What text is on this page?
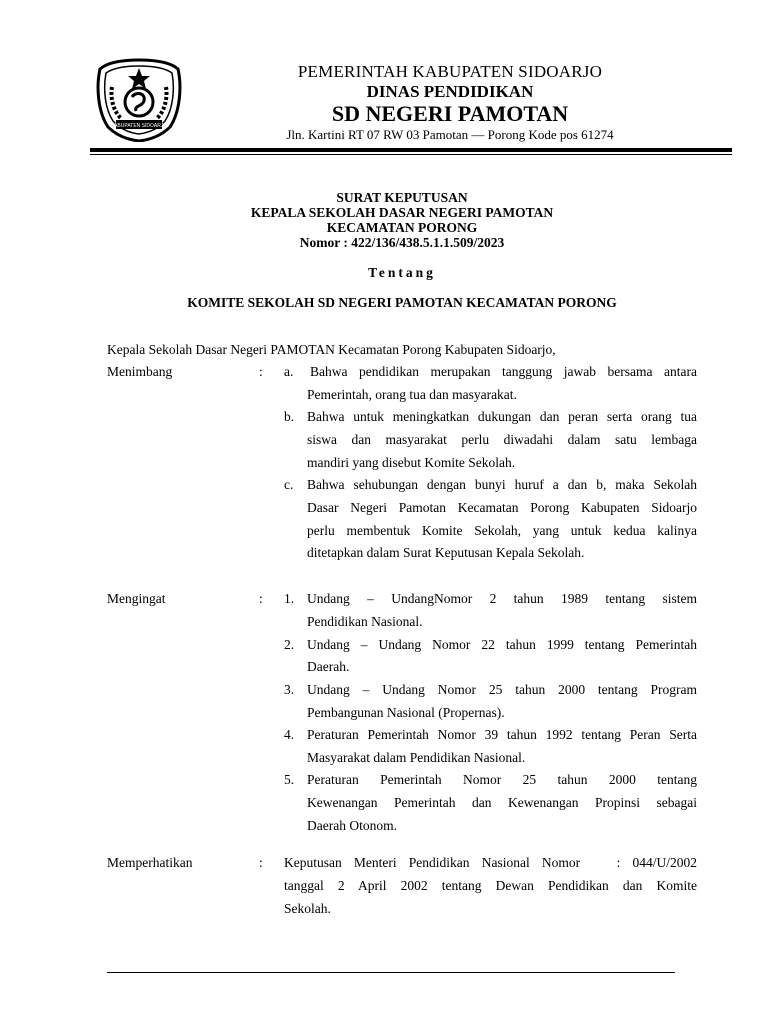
KABUPATEN SIDOARJO
PEMERINTAH KABUPATEN SIDOARJO
DINAS PENDIDIKAN
SD NEGERI PAMOTAN
Jln. Kartini RT 07 RW 03 Pamotan — Porong Kode pos 61274
SURAT KEPUTUSAN
KEPALA SEKOLAH DASAR NEGERI PAMOTAN
KECAMATAN PORONG
Nomor : 422/136/438.5.1.1.509/2023
Tentang
KOMITE SEKOLAH SD NEGERI PAMOTAN KECAMATAN PORONG
Kepala Sekolah Dasar Negeri PAMOTAN Kecamatan Porong Kabupaten Sidoarjo,
Menimbang	: a. Bahwa pendidikan merupakan tanggung jawab bersama antara
Pemerintah, orang tua dan masyarakat.
b. Bahwa untuk meningkatkan dukungan dan peran serta orang tua
siswa dan masyarakat perlu diwadahi dalam satu lembaga
mandiri yang disebut Komite Sekolah.
c. Bahwa sehubungan dengan bunyi huruf a dan b, maka Sekolah
Dasar Negeri Pamotan Kecamatan Porong Kabupaten Sidoarjo
perlu membentuk Komite Sekolah, yang untuk kedua kalinya
ditetapkan dalam Surat Keputusan Kepala Sekolah.
Mengingat	: 1. Undang – UndangNomor 2 tahun 1989 tentang sistem
Pendidikan Nasional.
2. Undang – Undang Nomor 22 tahun 1999 tentang Pemerintah
Daerah.
3. Undang – Undang Nomor 25 tahun 2000 tentang Program
Pembangunan Nasional (Propernas).
4. Peraturan Pemerintah Nomor 39 tahun 1992 tentang Peran Serta
Masyarakat dalam Pendidikan Nasional.
5. Peraturan Pemerintah Nomor 25 tahun 2000 tentang
Kewenangan Pemerintah dan Kewenangan Propinsi sebagai
Daerah Otonom.
Memperhatikan	: Keputusan Menteri Pendidikan Nasional Nomor   : 044/U/2002
tanggal 2 April 2002 tentang Dewan Pendidikan dan Komite
Sekolah.
